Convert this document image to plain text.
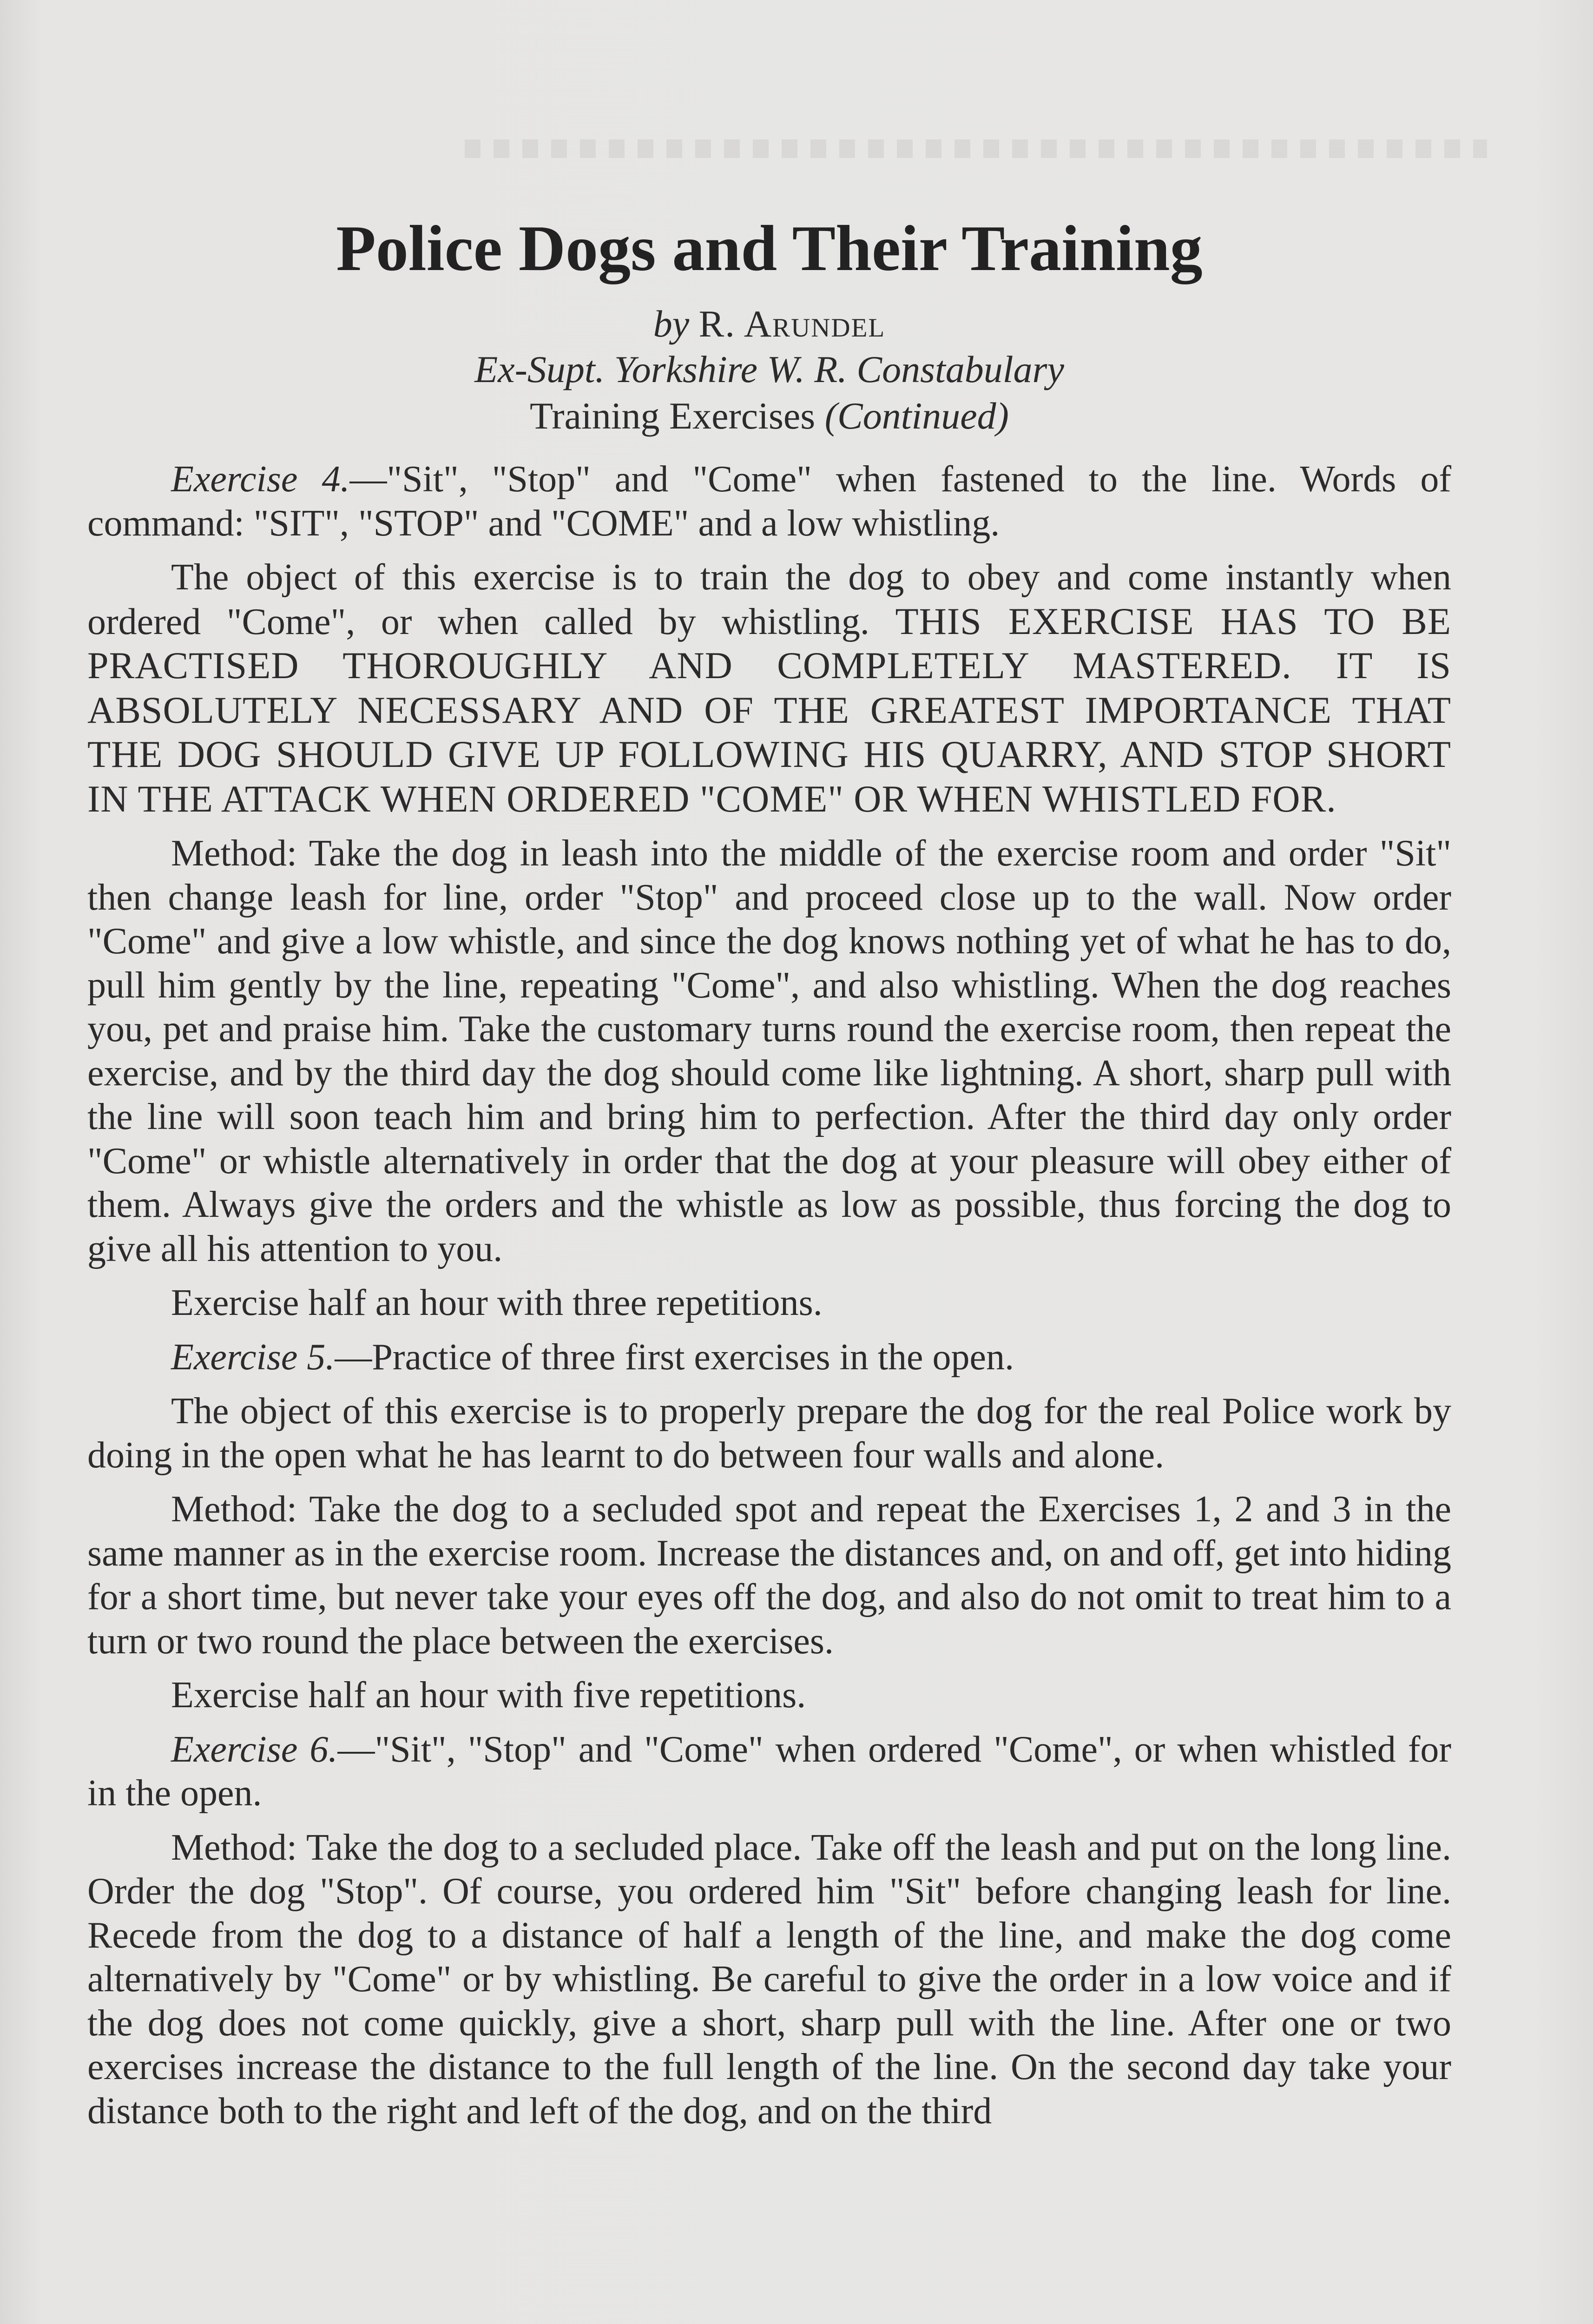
Police Dogs and Their Training

by R. Arundel

Ex-Supt. Yorkshire W. R. Constabulary

Training Exercises (Continued)

Exercise 4.—"Sit", "Stop" and "Come" when fastened to the line. Words of command: "SIT", "STOP" and "COME" and a low whistling.

The object of this exercise is to train the dog to obey and come instantly when ordered "Come", or when called by whistling. THIS EXERCISE HAS TO BE PRACTISED THOROUGHLY AND COMPLETELY MASTERED. IT IS ABSOLUTELY NECESSARY AND OF THE GREATEST IMPORTANCE THAT THE DOG SHOULD GIVE UP FOLLOWING HIS QUARRY, AND STOP SHORT IN THE ATTACK WHEN ORDERED "COME" OR WHEN WHISTLED FOR.

Method: Take the dog in leash into the middle of the exercise room and order "Sit" then change leash for line, order "Stop" and proceed close up to the wall. Now order "Come" and give a low whistle, and since the dog knows nothing yet of what he has to do, pull him gently by the line, repeating "Come", and also whistling. When the dog reaches you, pet and praise him. Take the customary turns round the exercise room, then repeat the exercise, and by the third day the dog should come like lightning. A short, sharp pull with the line will soon teach him and bring him to perfection. After the third day only order "Come" or whistle alternatively in order that the dog at your pleasure will obey either of them. Always give the orders and the whistle as low as possible, thus forcing the dog to give all his attention to you.

Exercise half an hour with three repetitions.

Exercise 5.—Practice of three first exercises in the open.

The object of this exercise is to properly prepare the dog for the real Police work by doing in the open what he has learnt to do between four walls and alone.

Method: Take the dog to a secluded spot and repeat the Exercises 1, 2 and 3 in the same manner as in the exercise room. Increase the distances and, on and off, get into hiding for a short time, but never take your eyes off the dog, and also do not omit to treat him to a turn or two round the place between the exercises.

Exercise half an hour with five repetitions.

Exercise 6.—"Sit", "Stop" and "Come" when ordered "Come", or when whistled for in the open.

Method: Take the dog to a secluded place. Take off the leash and put on the long line. Order the dog "Stop". Of course, you ordered him "Sit" before changing leash for line. Recede from the dog to a distance of half a length of the line, and make the dog come alternatively by "Come" or by whistling. Be careful to give the order in a low voice and if the dog does not come quickly, give a short, sharp pull with the line. After one or two exercises increase the distance to the full length of the line. On the second day take your distance both to the right and left of the dog, and on the third
